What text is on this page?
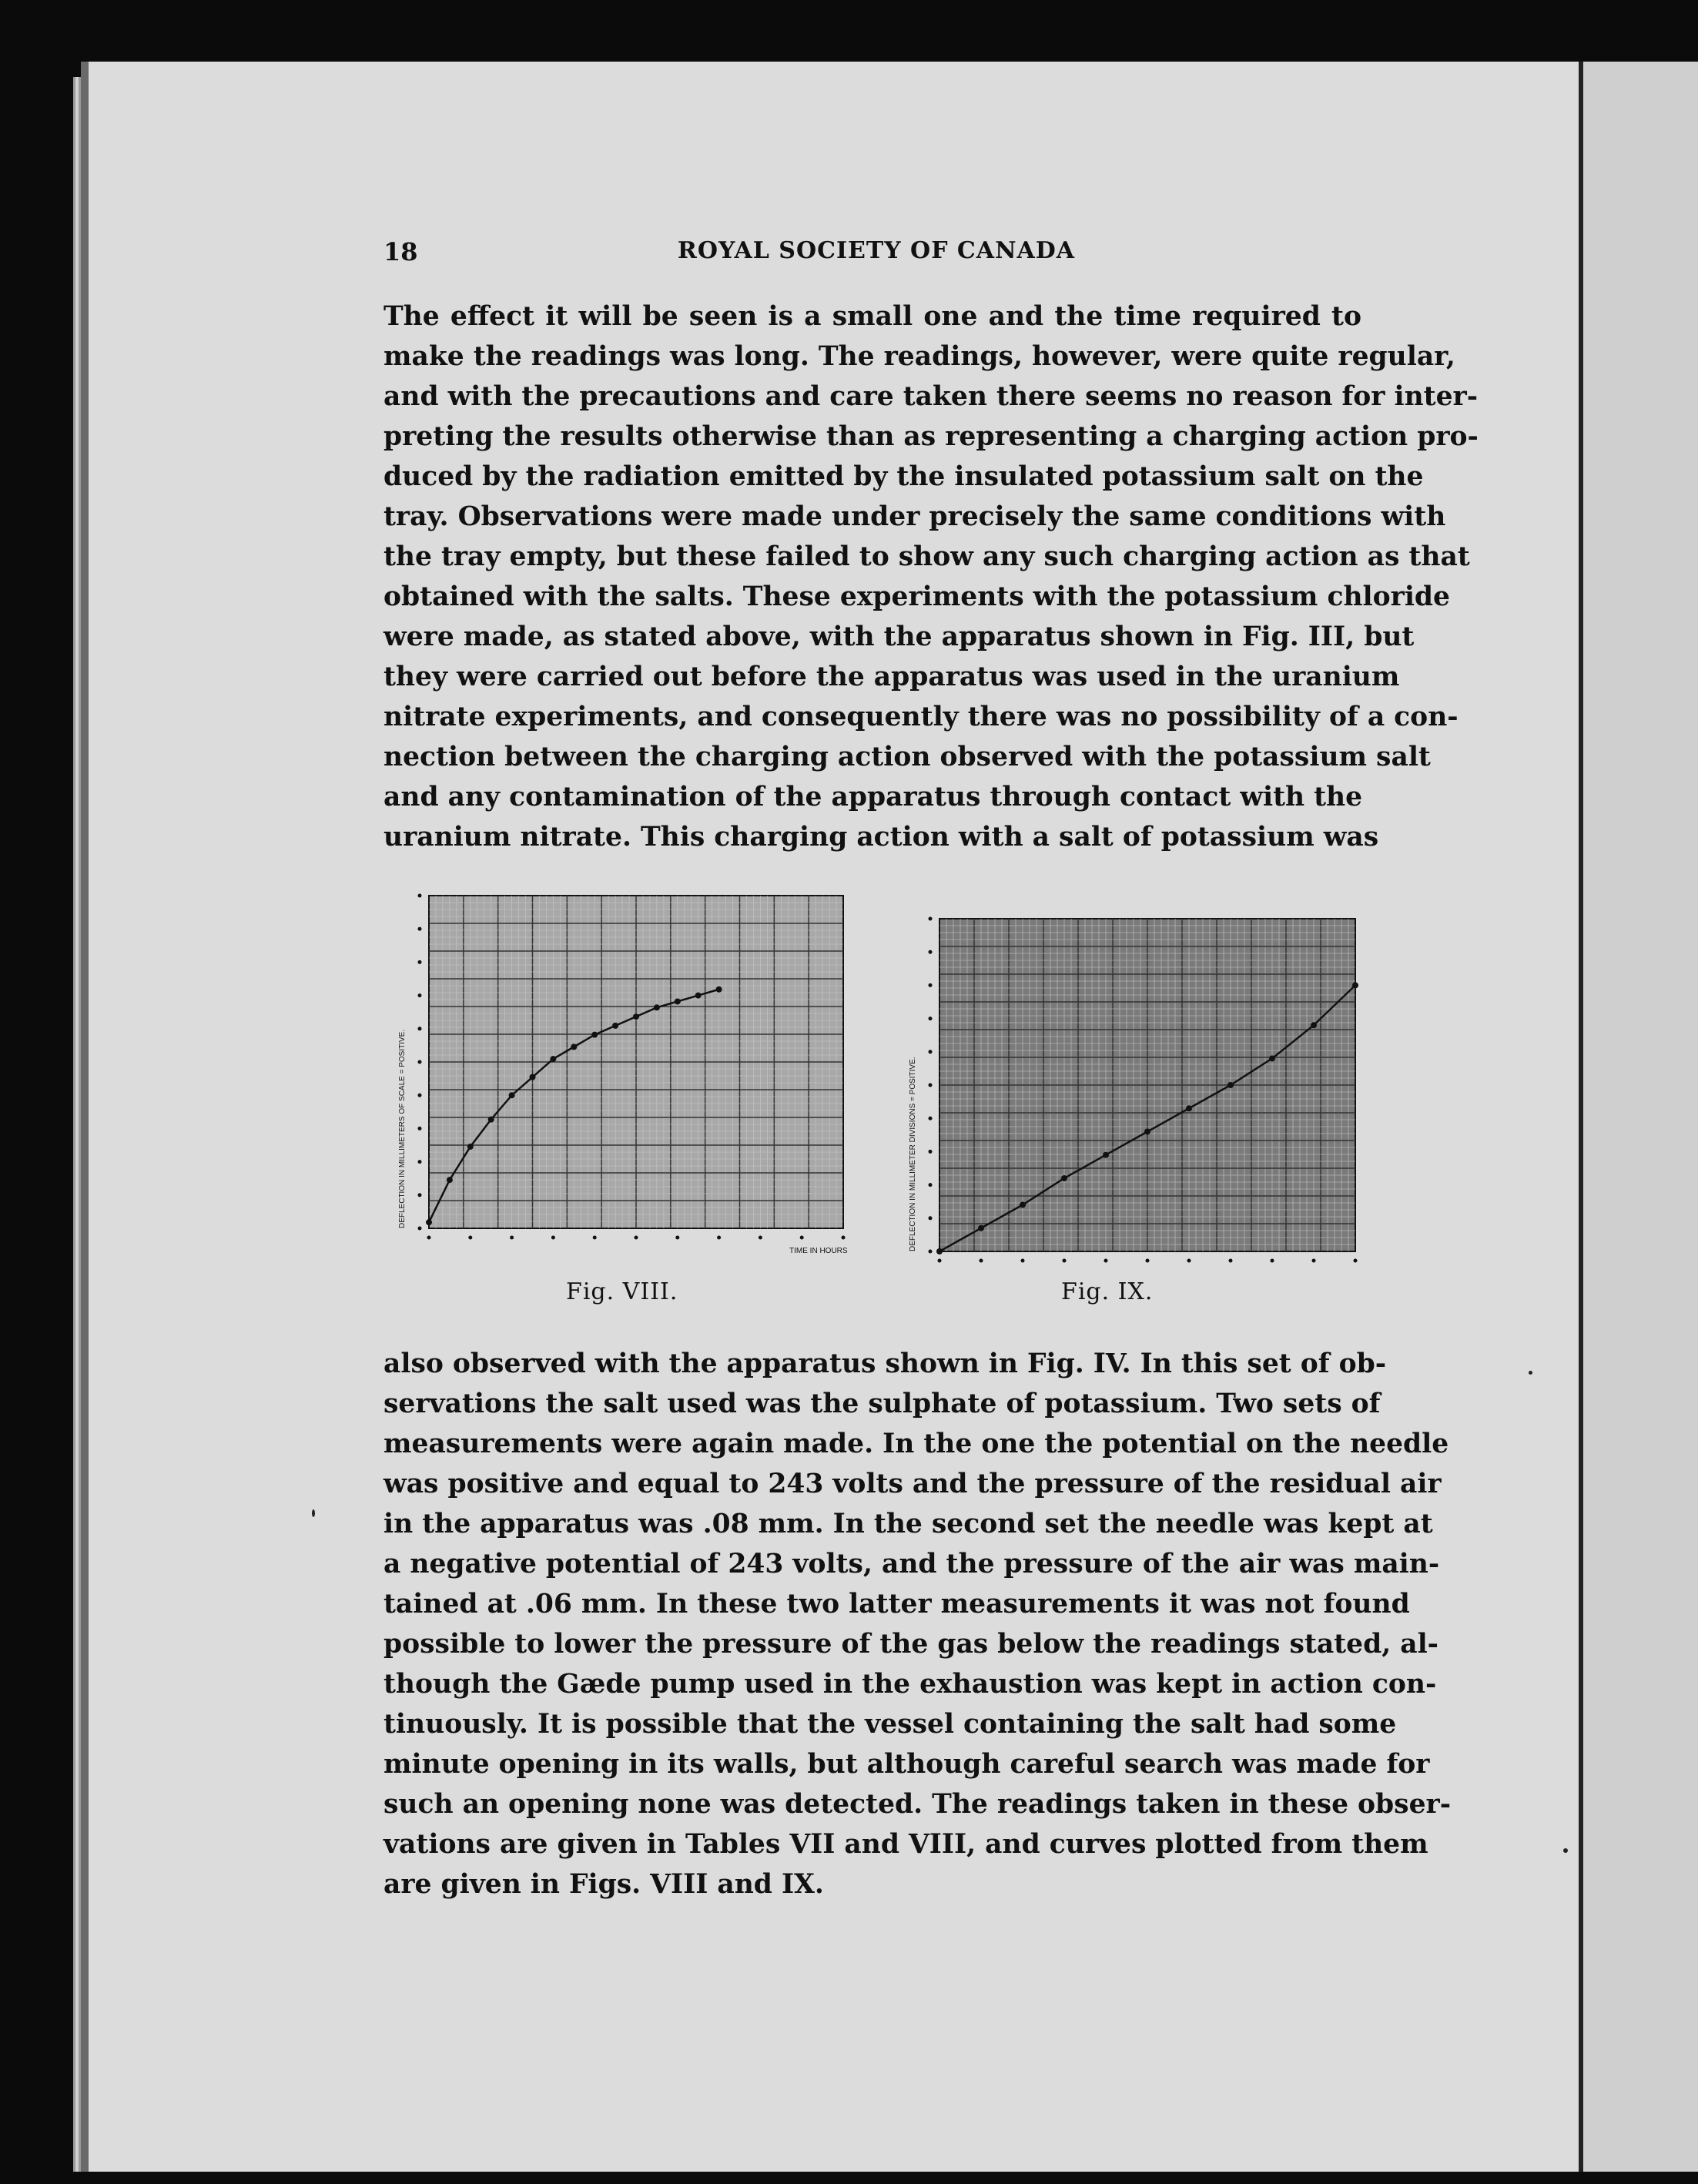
18	ROYAL SOCIETY OF CANADA
The effect it will be seen is a small one and the time required to
make the readings was long. The readings, however, were quite regular,
and with the precautions and care taken there seems no reason for inter-
preting the results otherwise than as representing a charging action pro-
duced by the radiation emitted by the insulated potassium salt on the
tray. Observations were made under precisely the same conditions with
the tray empty, but these failed to show any such charging action as that
obtained with the salts. These experiments with the potassium chloride
were made, as stated above, with the apparatus shown in Fig. III, but
they were carried out before the apparatus was used in the uranium
nitrate experiments, and consequently there was no possibility of a con-
nection between the charging action observed with the potassium salt
and any contamination of the apparatus through contact with the
uranium nitrate. This charging action with a salt of potassium was
DEFLECTION IN MILLIMETERS OF SCALE = POSITIVE.
TIME IN HOURS	DEFLECTION IN MILLIMETER DIVISIONS = POSITIVE.
Fig. VIII.	Fig. IX.
also observed with the apparatus shown in Fig. IV. In this set of ob-
servations the salt used was the sulphate of potassium. Two sets of
measurements were again made. In the one the potential on the needle
was positive and equal to 243 volts and the pressure of the residual air
in the apparatus was .08 mm. In the second set the needle was kept at
a negative potential of 243 volts, and the pressure of the air was main-
tained at .06 mm. In these two latter measurements it was not found
possible to lower the pressure of the gas below the readings stated, al-
though the Gæde pump used in the exhaustion was kept in action con-
tinuously. It is possible that the vessel containing the salt had some
minute opening in its walls, but although careful search was made for
such an opening none was detected. The readings taken in these obser-
vations are given in Tables VII and VIII, and curves plotted from them
are given in Figs. VIII and IX.
